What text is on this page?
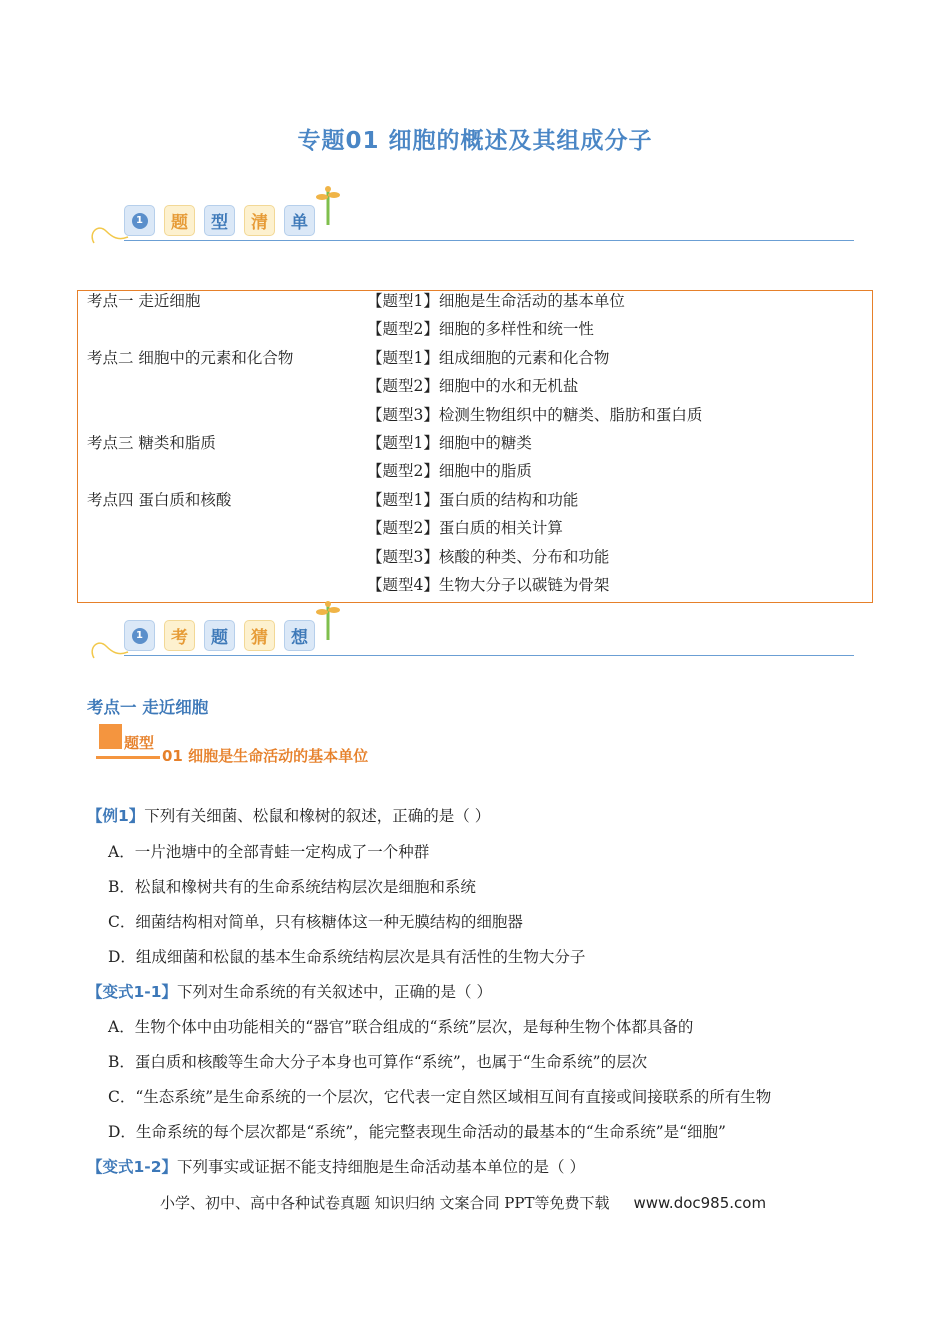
专题01 细胞的概述及其组成分子
1	题	型	清	单
考点一 走近细胞	【题型1】细胞是生命活动的基本单位
【题型2】细胞的多样性和统一性
考点二 细胞中的元素和化合物	【题型1】组成细胞的元素和化合物
【题型2】细胞中的水和无机盐
【题型3】检测生物组织中的糖类、脂肪和蛋白质
考点三 糖类和脂质	【题型1】细胞中的糖类
【题型2】细胞中的脂质
考点四 蛋白质和核酸	【题型1】蛋白质的结构和功能
【题型2】蛋白质的相关计算
【题型3】核酸的种类、分布和功能
【题型4】生物大分子以碳链为骨架
1	考	题	猜	想
考点一 走近细胞
题型
01 细胞是生命活动的基本单位
【例1】下列有关细菌、松鼠和橡树的叙述，正确的是（ ）
A．一片池塘中的全部青蛙一定构成了一个种群
B．松鼠和橡树共有的生命系统结构层次是细胞和系统
C．细菌结构相对简单，只有核糖体这一种无膜结构的细胞器
D．组成细菌和松鼠的基本生命系统结构层次是具有活性的生物大分子
【变式1-1】下列对生命系统的有关叙述中，正确的是（ ）
A．生物个体中由功能相关的“器官”联合组成的“系统”层次，是每种生物个体都具备的
B．蛋白质和核酸等生命大分子本身也可算作“系统”，也属于“生命系统”的层次
C．“生态系统”是生命系统的一个层次，它代表一定自然区域相互间有直接或间接联系的所有生物
D．生命系统的每个层次都是“系统”，能完整表现生命活动的最基本的“生命系统”是“细胞”
【变式1-2】下列事实或证据不能支持细胞是生命活动基本单位的是（ ）
小学、初中、高中各种试卷真题 知识归纳 文案合同 PPT等免费下载 www.doc985.com
